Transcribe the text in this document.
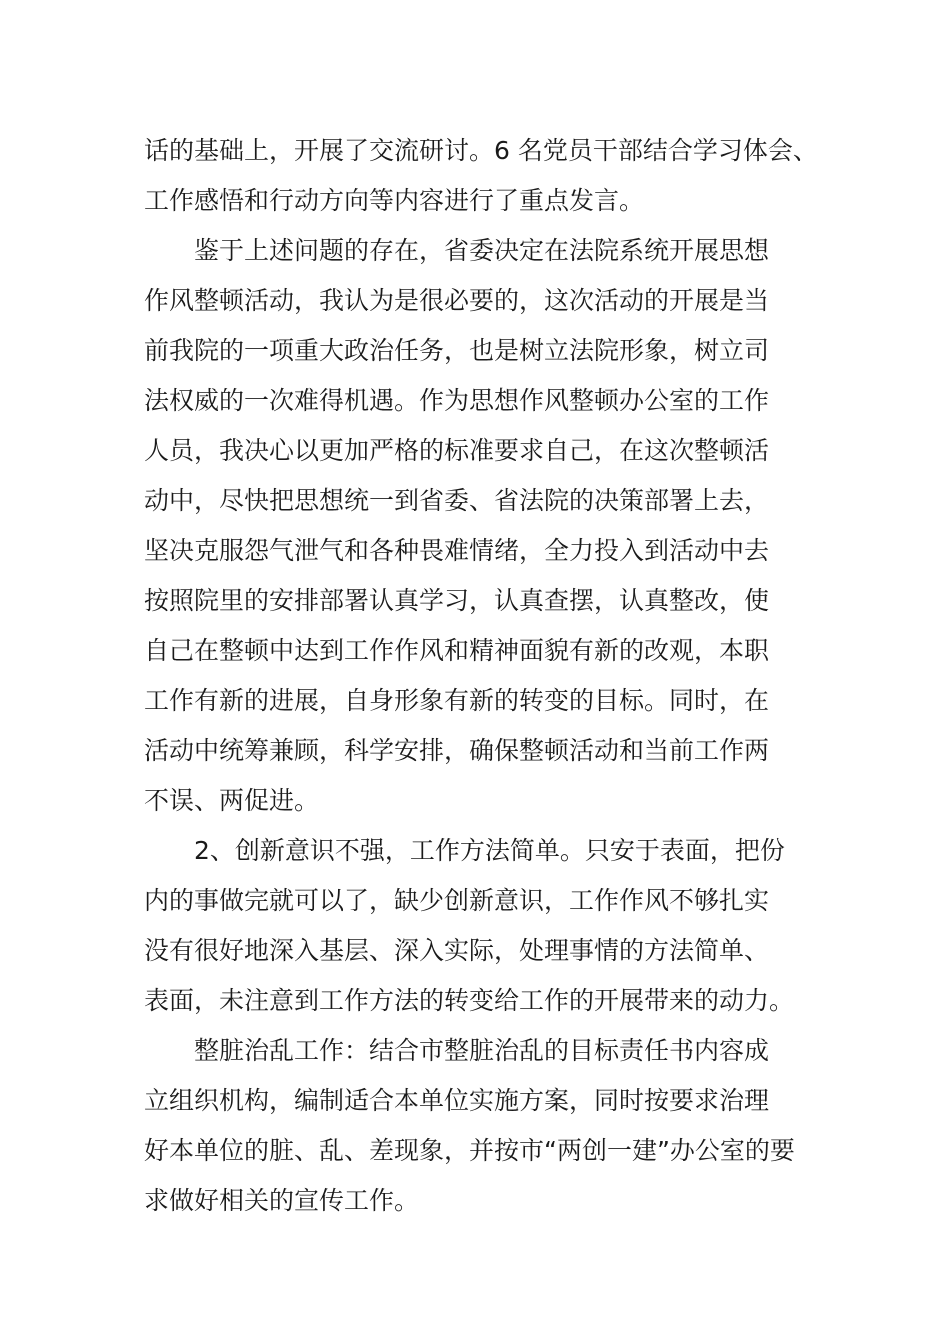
话的基础上，开展了交流研讨。6 名党员干部结合学习体会、
工作感悟和行动方向等内容进行了重点发言。
鉴于上述问题的存在，省委决定在法院系统开展思想
作风整顿活动，我认为是很必要的，这次活动的开展是当
前我院的一项重大政治任务，也是树立法院形象，树立司
法权威的一次难得机遇。作为思想作风整顿办公室的工作
人员，我决心以更加严格的标准要求自己，在这次整顿活
动中，尽快把思想统一到省委、省法院的决策部署上去，
坚决克服怨气泄气和各种畏难情绪，全力投入到活动中去
按照院里的安排部署认真学习，认真查摆，认真整改，使
自己在整顿中达到工作作风和精神面貌有新的改观，本职
工作有新的进展，自身形象有新的转变的目标。同时，在
活动中统筹兼顾，科学安排，确保整顿活动和当前工作两
不误、两促进。
2、创新意识不强，工作方法简单。只安于表面，把份
内的事做完就可以了，缺少创新意识，工作作风不够扎实
没有很好地深入基层、深入实际，处理事情的方法简单、
表面，未注意到工作方法的转变给工作的开展带来的动力。
整脏治乱工作：结合市整脏治乱的目标责任书内容成
立组织机构，编制适合本单位实施方案，同时按要求治理
好本单位的脏、乱、差现象，并按市“两创一建”办公室的要
求做好相关的宣传工作。
